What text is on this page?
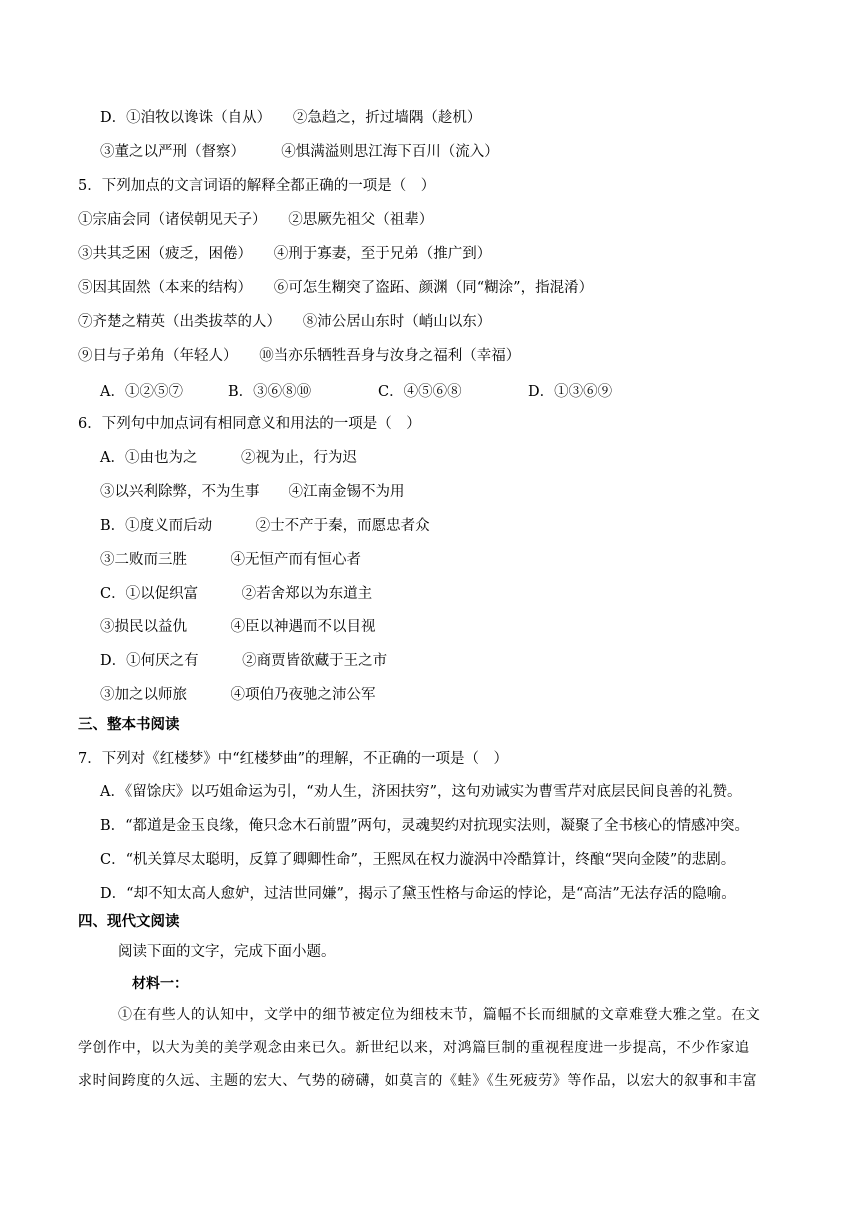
D．①洎牧以谗诛（自从）　　②急趋之，折过墙隅（趁机）
③董之以严刑（督察）　　　④惧满溢则思江海下百川（流入）
5．下列加点的文言词语的解释全都正确的一项是（　）
①宗庙会同（诸侯朝见天子）　　②思厥先祖父（祖辈）
③共其乏困（疲乏，困倦）　　④刑于寡妻，至于兄弟（推广到）
⑤因其固然（本来的结构）　　⑥可怎生糊突了盗跖、颜渊（同“糊涂”，指混淆）
⑦齐楚之精英（出类拔萃的人）　　⑧沛公居山东时（峭山以东）
⑨日与子弟角（年轻人）　　⑩当亦乐牺牲吾身与汝身之福利（幸福）
A．①②⑤⑦	B．③⑥⑧⑩	C．④⑤⑥⑧	D．①③⑥⑨
6．下列句中加点词有相同意义和用法的一项是（　）
A．①由也为之　　　②视为止，行为迟
③以兴利除弊，不为生事　　④江南金锡不为用
B．①度义而后动　　　②士不产于秦，而愿忠者众
③二败而三胜　　　④无恒产而有恒心者
C．①以促织富　　　②若舍郑以为东道主
③损民以益仇　　　④臣以神遇而不以目视
D．①何厌之有　　　②商贾皆欲藏于王之市
③加之以师旅　　　④项伯乃夜驰之沛公军
三、整本书阅读
7．下列对《红楼梦》中“红楼梦曲”的理解，不正确的一项是（　）
A．《留馀庆》以巧姐命运为引，“劝人生，济困扶穷”，这句劝诫实为曹雪芹对底层民间良善的礼赞。
B．“都道是金玉良缘，俺只念木石前盟”两句，灵魂契约对抗现实法则，凝聚了全书核心的情感冲突。
C．“机关算尽太聪明，反算了卿卿性命”，王熙凤在权力漩涡中冷酷算计，终酿“哭向金陵”的悲剧。
D．“却不知太高人愈妒，过洁世同嫌”，揭示了黛玉性格与命运的悖论，是“高洁”无法存活的隐喻。
四、现代文阅读
阅读下面的文字，完成下面小题。
材料一：
①在有些人的认知中，文学中的细节被定位为细枝末节，篇幅不长而细腻的文章难登大雅之堂。在文
学创作中，以大为美的美学观念由来已久。新世纪以来，对鸿篇巨制的重视程度进一步提高，不少作家追
求时间跨度的久远、主题的宏大、气势的磅礴，如莫言的《蛙》《生死疲劳》等作品，以宏大的叙事和丰富
